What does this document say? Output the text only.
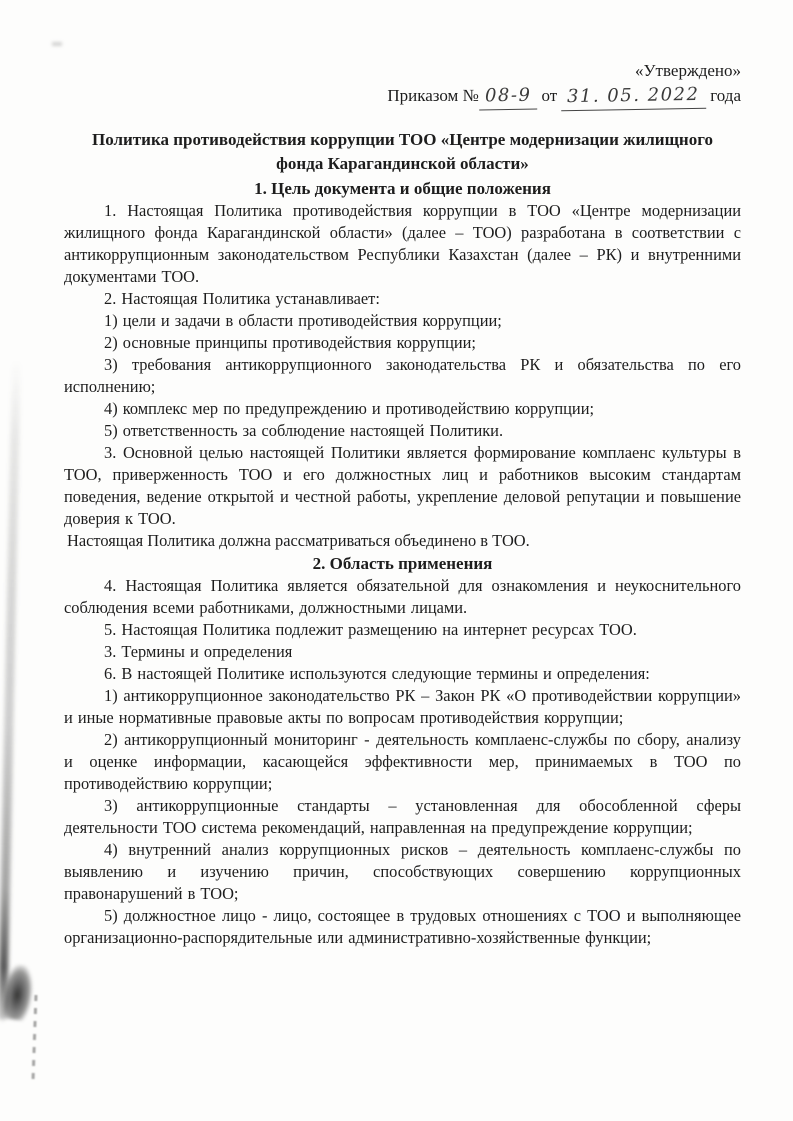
«Утверждено»
Приказом № 08-9 от 31. 05. 2022 года
Политика противодействия коррупции ТОО «Центре модернизации жилищного фонда Карагандинской области»
1. Цель документа и общие положения

1. Настоящая Политика противодействия коррупции в ТОО «Центре модернизации жилищного фонда Карагандинской области» (далее – ТОО) разработана в соответствии с антикоррупционным законодательством Республики Казахстан (далее – РК) и внутренними документами ТОО.

2. Настоящая Политика устанавливает:

1) цели и задачи в области противодействия коррупции;

2) основные принципы противодействия коррупции;

3) требования антикоррупционного законодательства РК и обязательства по его исполнению;

4) комплекс мер по предупреждению и противодействию коррупции;

5) ответственность за соблюдение настоящей Политики.

3. Основной целью настоящей Политики является формирование комплаенс культуры в ТОО, приверженность ТОО и его должностных лиц и работников высоким стандартам поведения, ведение открытой и честной работы, укрепление деловой репутации и повышение доверия к ТОО.

Настоящая Политика должна рассматриваться объединено в ТОО.

2. Область применения

4. Настоящая Политика является обязательной для ознакомления и неукоснительного соблюдения всеми работниками, должностными лицами.

5. Настоящая Политика подлежит размещению на интернет ресурсах ТОО.

3. Термины и определения

6. В настоящей Политике используются следующие термины и определения:

1) антикоррупционное законодательство РК – Закон РК «О противодействии коррупции» и иные нормативные правовые акты по вопросам противодействия коррупции;

2) антикоррупционный мониторинг - деятельность комплаенс-службы по сбору, анализу и оценке информации, касающейся эффективности мер, принимаемых в ТОО по противодействию коррупции;

3) антикоррупционные стандарты – установленная для обособленной сферы деятельности ТОО система рекомендаций, направленная на предупреждение коррупции;

4) внутренний анализ коррупционных рисков – деятельность комплаенс-службы по выявлению и изучению причин, способствующих совершению коррупционных правонарушений в ТОО;

5) должностное лицо - лицо, состоящее в трудовых отношениях с ТОО и выполняющее организационно-распорядительные или административно-хозяйственные функции;
